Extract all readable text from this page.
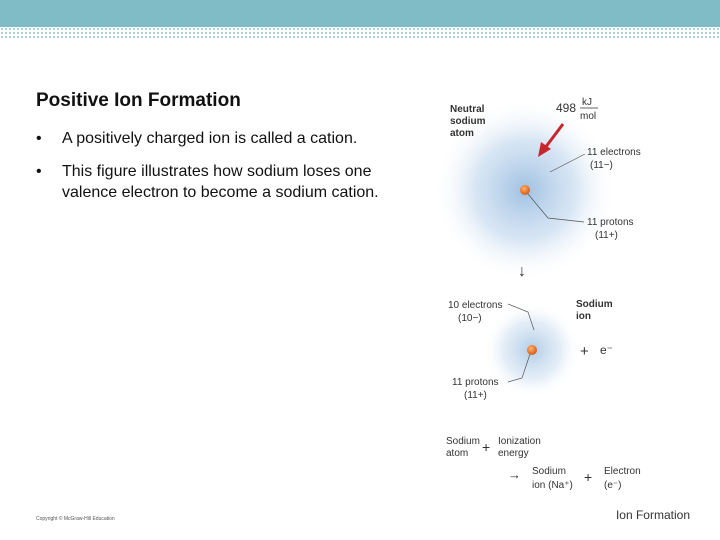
Positive Ion Formation
• A positively charged ion is called a cation.
• This figure illustrates how sodium loses one valence electron to become a sodium cation.
Neutral
sodium
atom
498 kJ
mol
11 electrons
(11−)
11 protons
(11+)
↓
10 electrons
(10−)
Sodium
ion
+ e⁻
11 protons
(11+)
Sodium
atom + Ionization
energy
→ Sodium
ion (Na⁺)
+ Electron
(e⁻)
Copyright © McGraw-Hill Education	Ion Formation
